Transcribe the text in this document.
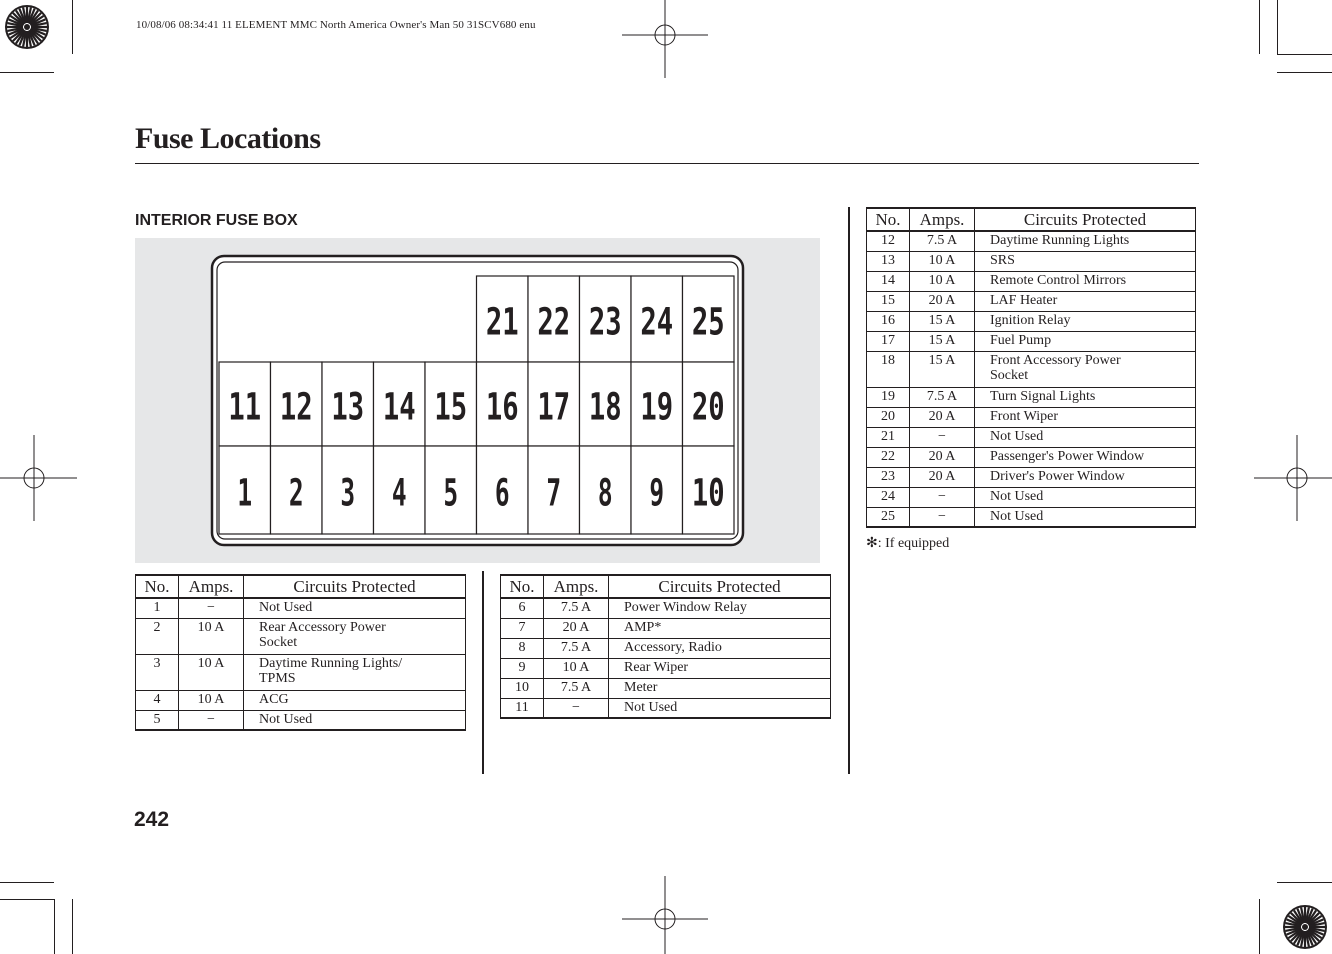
10/08/06 08:34:41 11 ELEMENT MMC North America Owner's Man 50 31SCV680 enu
Fuse Locations
INTERIOR FUSE BOX
21 22 23 24 25
11 12 13 14 15 16 17 18 19 20
1 2 3 4 5 6 7 8 9 10
No.	Amps.	Circuits Protected
1	−	Not Used
2	10 A	Rear Accessory Power Socket
3	10 A	Daytime Running Lights/ TPMS
4	10 A	ACG
5	−	Not Used
No.	Amps.	Circuits Protected
6	7.5 A	Power Window Relay
7	20 A	AMP*
8	7.5 A	Accessory, Radio
9	10 A	Rear Wiper
10	7.5 A	Meter
11	−	Not Used
No.	Amps.	Circuits Protected
12	7.5 A	Daytime Running Lights
13	10 A	SRS
14	10 A	Remote Control Mirrors
15	20 A	LAF Heater
16	15 A	Ignition Relay
17	15 A	Fuel Pump
18	15 A	Front Accessory Power Socket
19	7.5 A	Turn Signal Lights
20	20 A	Front Wiper
21	−	Not Used
22	20 A	Passenger's Power Window
23	20 A	Driver's Power Window
24	−	Not Used
25	−	Not Used
✻: If equipped
242
